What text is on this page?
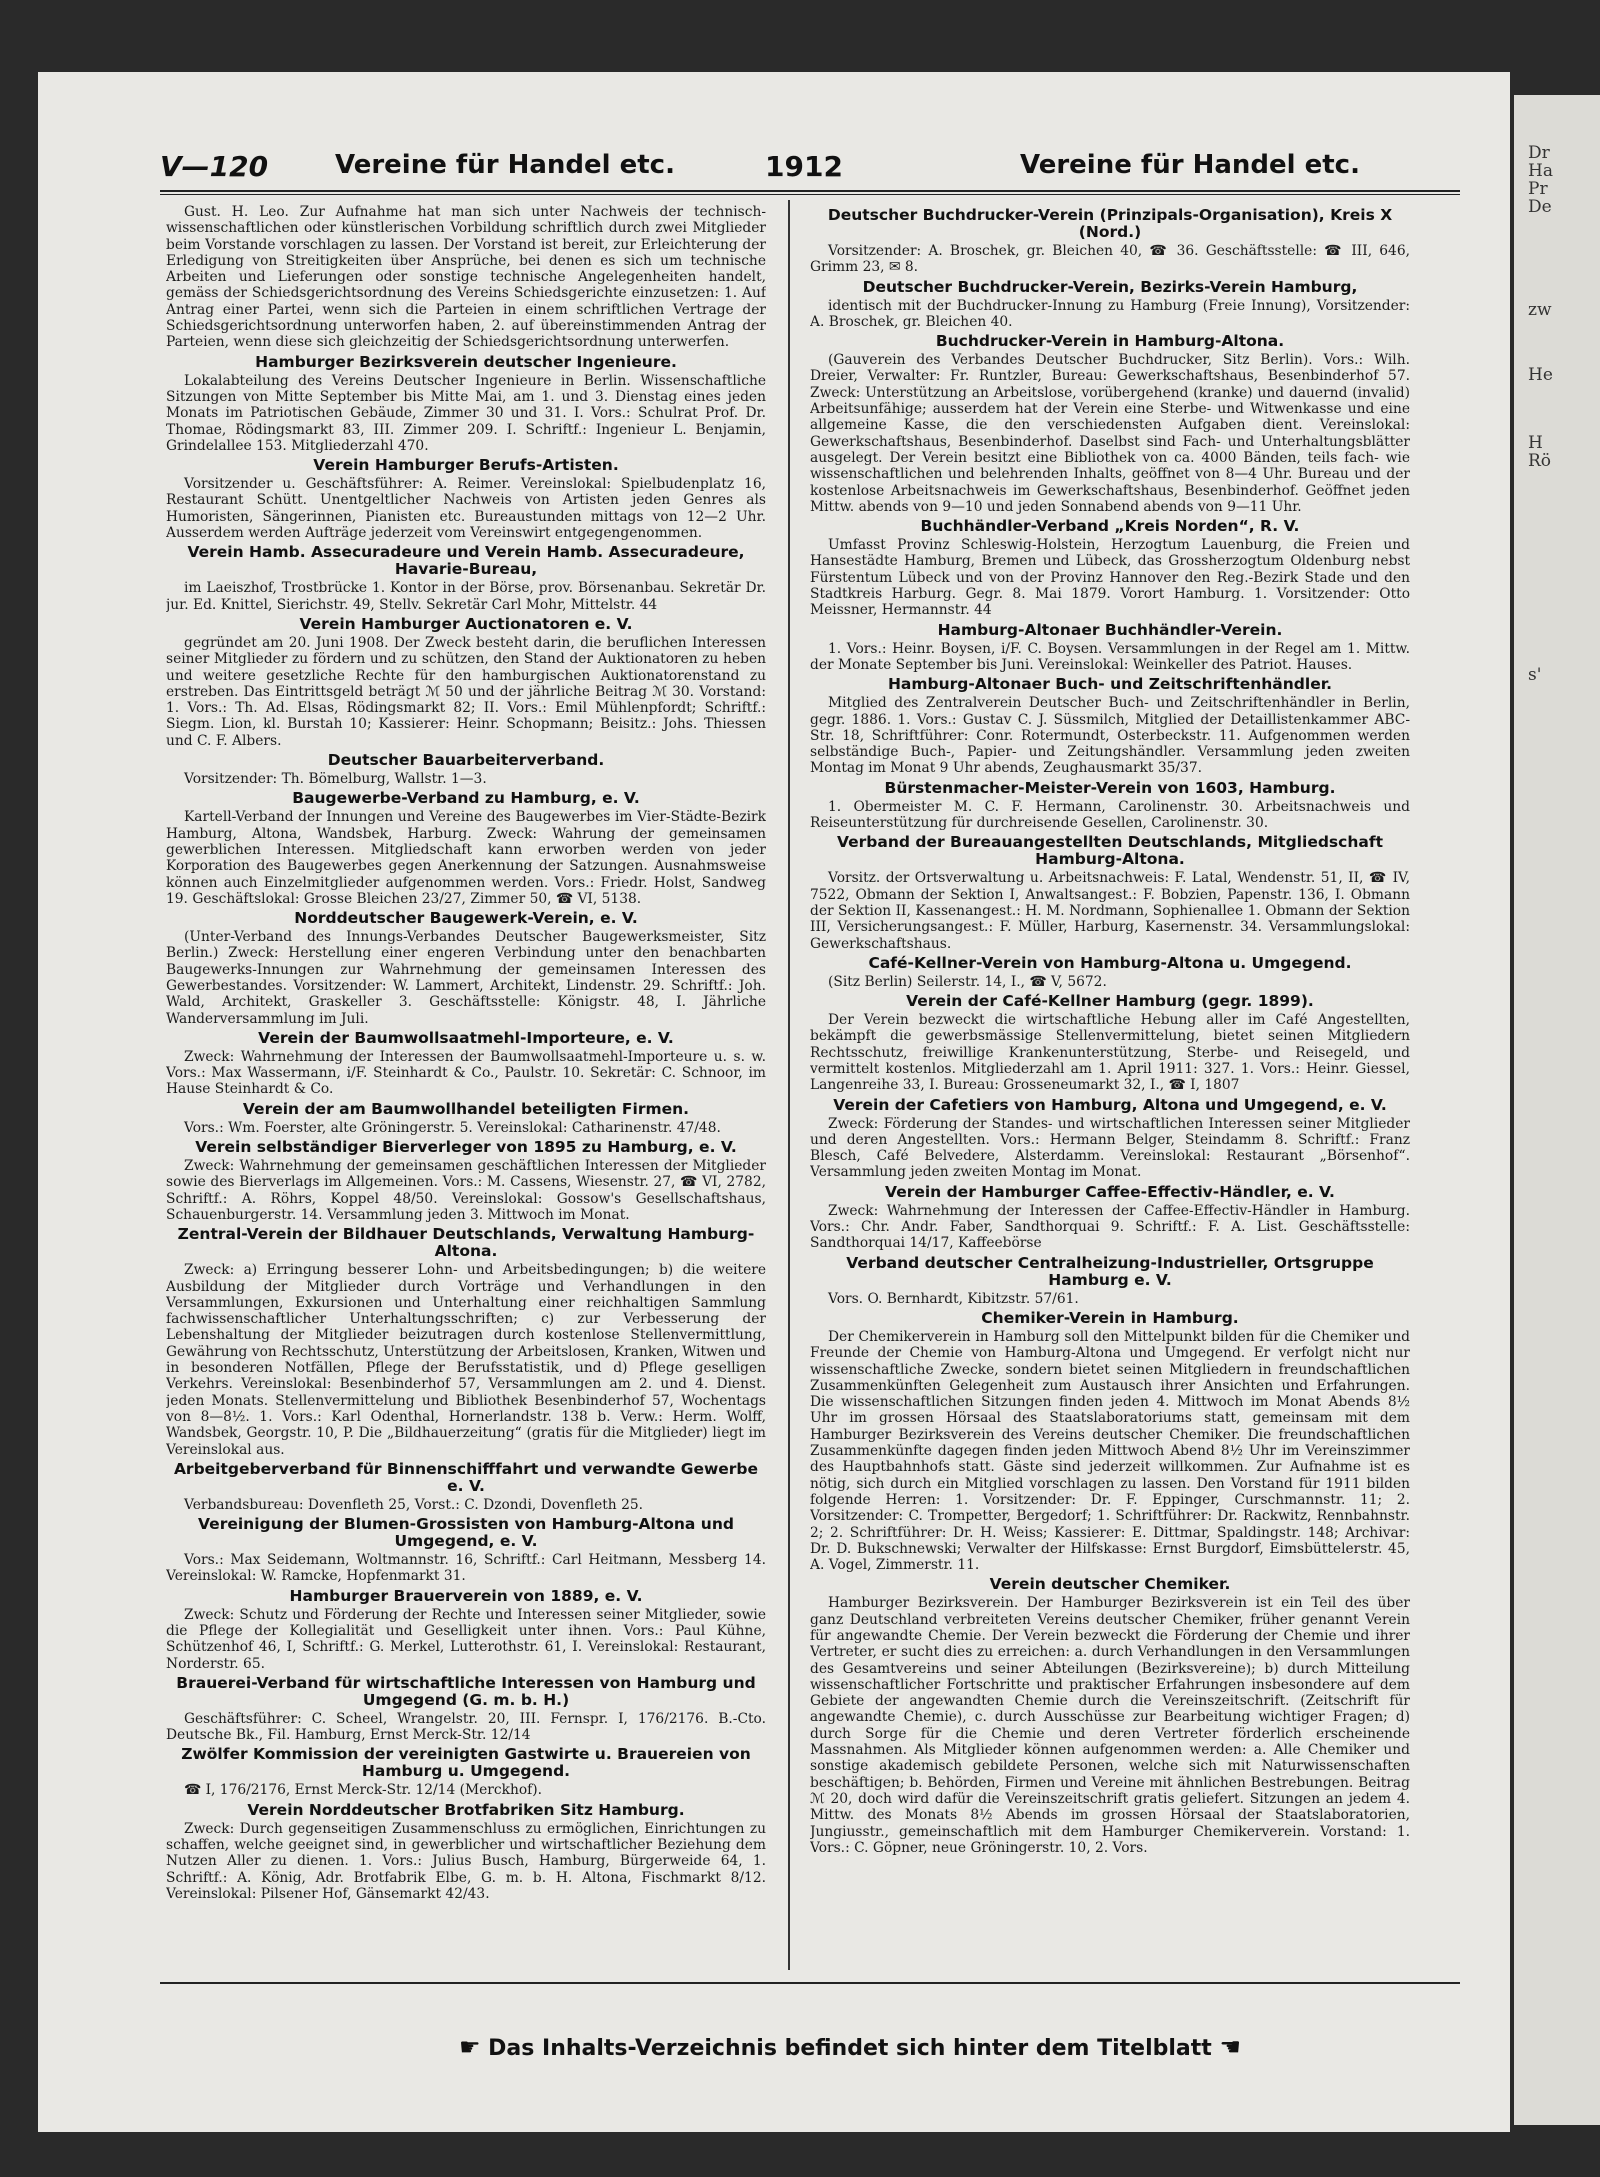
Dr
Ha
Pr
De
zw
He
H
Rö
s'
V—120	Vereine für Handel etc.	1912	Vereine für Handel etc.

Gust. H. Leo. Zur Aufnahme hat man sich unter Nachweis der technisch-wissenschaftlichen oder künstlerischen Vorbildung schriftlich durch zwei Mitglieder beim Vorstande vorschlagen zu lassen. Der Vorstand ist bereit, zur Erleichterung der Erledigung von Streitigkeiten über Ansprüche, bei denen es sich um technische Arbeiten und Lieferungen oder sonstige technische Angelegenheiten handelt, gemäss der Schiedsgerichtsordnung des Vereins Schiedsgerichte einzusetzen: 1. Auf Antrag einer Partei, wenn sich die Parteien in einem schriftlichen Vertrage der Schiedsgerichtsordnung unterworfen haben, 2. auf übereinstimmenden Antrag der Parteien, wenn diese sich gleichzeitig der Schiedsgerichtsordnung unterwerfen.

Hamburger Bezirksverein deutscher Ingenieure.

Lokalabteilung des Vereins Deutscher Ingenieure in Berlin. Wissenschaftliche Sitzungen von Mitte September bis Mitte Mai, am 1. und 3. Dienstag eines jeden Monats im Patriotischen Gebäude, Zimmer 30 und 31. I. Vors.: Schulrat Prof. Dr. Thomae, Rödingsmarkt 83, III. Zimmer 209. I. Schriftf.: Ingenieur L. Benjamin, Grindelallee 153. Mitgliederzahl 470.

Verein Hamburger Berufs-Artisten.

Vorsitzender u. Geschäftsführer: A. Reimer. Vereinslokal: Spielbudenplatz 16, Restaurant Schütt. Unentgeltlicher Nachweis von Artisten jeden Genres als Humoristen, Sängerinnen, Pianisten etc. Bureaustunden mittags von 12—2 Uhr. Ausserdem werden Aufträge jederzeit vom Vereinswirt entgegengenommen.

Verein Hamb. Assecuradeure und Verein Hamb. Assecuradeure, Havarie-Bureau,

im Laeiszhof, Trostbrücke 1. Kontor in der Börse, prov. Börsenanbau. Sekretär Dr. jur. Ed. Knittel, Sierichstr. 49, Stellv. Sekretär Carl Mohr, Mittelstr. 44

Verein Hamburger Auctionatoren e. V.

gegründet am 20. Juni 1908. Der Zweck besteht darin, die beruflichen Interessen seiner Mitglieder zu fördern und zu schützen, den Stand der Auktionatoren zu heben und weitere gesetzliche Rechte für den hamburgischen Auktionatorenstand zu erstreben. Das Eintrittsgeld beträgt ℳ 50 und der jährliche Beitrag ℳ 30. Vorstand: 1. Vors.: Th. Ad. Elsas, Rödingsmarkt 82; II. Vors.: Emil Mühlenpfordt; Schriftf.: Siegm. Lion, kl. Burstah 10; Kassierer: Heinr. Schopmann; Beisitz.: Johs. Thiessen und C. F. Albers.

Deutscher Bauarbeiterverband.

Vorsitzender: Th. Bömelburg, Wallstr. 1—3.

Baugewerbe-Verband zu Hamburg, e. V.

Kartell-Verband der Innungen und Vereine des Baugewerbes im Vier-Städte-Bezirk Hamburg, Altona, Wandsbek, Harburg. Zweck: Wahrung der gemeinsamen gewerblichen Interessen. Mitgliedschaft kann erworben werden von jeder Korporation des Baugewerbes gegen Anerkennung der Satzungen. Ausnahmsweise können auch Einzelmitglieder aufgenommen werden. Vors.: Friedr. Holst, Sandweg 19. Geschäftslokal: Grosse Bleichen 23/27, Zimmer 50, ☎ VI, 5138.

Norddeutscher Baugewerk-Verein, e. V.

(Unter-Verband des Innungs-Verbandes Deutscher Baugewerksmeister, Sitz Berlin.) Zweck: Herstellung einer engeren Verbindung unter den benachbarten Baugewerks-Innungen zur Wahrnehmung der gemeinsamen Interessen des Gewerbestandes. Vorsitzender: W. Lammert, Architekt, Lindenstr. 29. Schriftf.: Joh. Wald, Architekt, Graskeller 3. Geschäftsstelle: Königstr. 48, I. Jährliche Wanderversammlung im Juli.

Verein der Baumwollsaatmehl-Importeure, e. V.

Zweck: Wahrnehmung der Interessen der Baumwollsaatmehl-Importeure u. s. w. Vors.: Max Wassermann, i/F. Steinhardt & Co., Paulstr. 10. Sekretär: C. Schnoor, im Hause Steinhardt & Co.

Verein der am Baumwollhandel beteiligten Firmen.

Vors.: Wm. Foerster, alte Gröningerstr. 5. Vereinslokal: Catharinenstr. 47/48.

Verein selbständiger Bierverleger von 1895 zu Hamburg, e. V.

Zweck: Wahrnehmung der gemeinsamen geschäftlichen Interessen der Mitglieder sowie des Bierverlags im Allgemeinen. Vors.: M. Cassens, Wiesenstr. 27, ☎ VI, 2782, Schriftf.: A. Röhrs, Koppel 48/50. Vereinslokal: Gossow's Gesellschaftshaus, Schauenburgerstr. 14. Versammlung jeden 3. Mittwoch im Monat.

Zentral-Verein der Bildhauer Deutschlands, Verwaltung Hamburg-Altona.

Zweck: a) Erringung besserer Lohn- und Arbeitsbedingungen; b) die weitere Ausbildung der Mitglieder durch Vorträge und Verhandlungen in den Versammlungen, Exkursionen und Unterhaltung einer reichhaltigen Sammlung fachwissenschaftlicher Unterhaltungsschriften; c) zur Verbesserung der Lebenshaltung der Mitglieder beizutragen durch kostenlose Stellenvermittlung, Gewährung von Rechtsschutz, Unterstützung der Arbeitslosen, Kranken, Witwen und in besonderen Notfällen, Pflege der Berufsstatistik, und d) Pflege geselligen Verkehrs. Vereinslokal: Besenbinderhof 57, Versammlungen am 2. und 4. Dienst. jeden Monats. Stellenvermittelung und Bibliothek Besenbinderhof 57, Wochentags von 8—8½. 1. Vors.: Karl Odenthal, Hornerlandstr. 138 b. Verw.: Herm. Wolff, Wandsbek, Georgstr. 10, P. Die „Bildhauerzeitung“ (gratis für die Mitglieder) liegt im Vereinslokal aus.

Arbeitgeberverband für Binnenschifffahrt und verwandte Gewerbe e. V.

Verbandsbureau: Dovenfleth 25, Vorst.: C. Dzondi, Dovenfleth 25.

Vereinigung der Blumen-Grossisten von Hamburg-Altona und Umgegend, e. V.

Vors.: Max Seidemann, Woltmannstr. 16, Schriftf.: Carl Heitmann, Messberg 14. Vereinslokal: W. Ramcke, Hopfenmarkt 31.

Hamburger Brauerverein von 1889, e. V.

Zweck: Schutz und Förderung der Rechte und Interessen seiner Mitglieder, sowie die Pflege der Kollegialität und Geselligkeit unter ihnen. Vors.: Paul Kühne, Schützenhof 46, I, Schriftf.: G. Merkel, Lutterothstr. 61, I. Vereinslokal: Restaurant, Norderstr. 65.

Brauerei-Verband für wirtschaftliche Interessen von Hamburg und Umgegend (G. m. b. H.)

Geschäftsführer: C. Scheel, Wrangelstr. 20, III. Fernspr. I, 176/2176. B.-Cto. Deutsche Bk., Fil. Hamburg, Ernst Merck-Str. 12/14

Zwölfer Kommission der vereinigten Gastwirte u. Brauereien von Hamburg u. Umgegend.

☎ I, 176/2176, Ernst Merck-Str. 12/14 (Merckhof).

Verein Norddeutscher Brotfabriken Sitz Hamburg.

Zweck: Durch gegenseitigen Zusammenschluss zu ermöglichen, Einrichtungen zu schaffen, welche geeignet sind, in gewerblicher und wirtschaftlicher Beziehung dem Nutzen Aller zu dienen. 1. Vors.: Julius Busch, Hamburg, Bürgerweide 64, 1. Schriftf.: A. König, Adr. Brotfabrik Elbe, G. m. b. H. Altona, Fischmarkt 8/12. Vereinslokal: Pilsener Hof, Gänsemarkt 42/43.

Deutscher Buchdrucker-Verein (Prinzipals-Organisation), Kreis X (Nord.)

Vorsitzender: A. Broschek, gr. Bleichen 40, ☎ 36. Geschäftsstelle: ☎ III, 646, Grimm 23, ✉ 8.

Deutscher Buchdrucker-Verein, Bezirks-Verein Hamburg,

identisch mit der Buchdrucker-Innung zu Hamburg (Freie Innung), Vorsitzender: A. Broschek, gr. Bleichen 40.

Buchdrucker-Verein in Hamburg-Altona.

(Gauverein des Verbandes Deutscher Buchdrucker, Sitz Berlin). Vors.: Wilh. Dreier, Verwalter: Fr. Runtzler, Bureau: Gewerkschaftshaus, Besenbinderhof 57. Zweck: Unterstützung an Arbeitslose, vorübergehend (kranke) und dauernd (invalid) Arbeitsunfähige; ausserdem hat der Verein eine Sterbe- und Witwenkasse und eine allgemeine Kasse, die den verschiedensten Aufgaben dient. Vereinslokal: Gewerkschaftshaus, Besenbinderhof. Daselbst sind Fach- und Unterhaltungsblätter ausgelegt. Der Verein besitzt eine Bibliothek von ca. 4000 Bänden, teils fach- wie wissenschaftlichen und belehrenden Inhalts, geöffnet von 8—4 Uhr. Bureau und der kostenlose Arbeitsnachweis im Gewerkschaftshaus, Besenbinderhof. Geöffnet jeden Mittw. abends von 9—10 und jeden Sonnabend abends von 9—11 Uhr.

Buchhändler-Verband „Kreis Norden“, R. V.

Umfasst Provinz Schleswig-Holstein, Herzogtum Lauenburg, die Freien und Hansestädte Hamburg, Bremen und Lübeck, das Grossherzogtum Oldenburg nebst Fürstentum Lübeck und von der Provinz Hannover den Reg.-Bezirk Stade und den Stadtkreis Harburg. Gegr. 8. Mai 1879. Vorort Hamburg. 1. Vorsitzender: Otto Meissner, Hermannstr. 44

Hamburg-Altonaer Buchhändler-Verein.

1. Vors.: Heinr. Boysen, i/F. C. Boysen. Versammlungen in der Regel am 1. Mittw. der Monate September bis Juni. Vereinslokal: Weinkeller des Patriot. Hauses.

Hamburg-Altonaer Buch- und Zeitschriftenhändler.

Mitglied des Zentralverein Deutscher Buch- und Zeitschriftenhändler in Berlin, gegr. 1886. 1. Vors.: Gustav C. J. Süssmilch, Mitglied der Detaillistenkammer ABC-Str. 18, Schriftführer: Conr. Rotermundt, Osterbeckstr. 11. Aufgenommen werden selbständige Buch-, Papier- und Zeitungshändler. Versammlung jeden zweiten Montag im Monat 9 Uhr abends, Zeughausmarkt 35/37.

Bürstenmacher-Meister-Verein von 1603, Hamburg.

1. Obermeister M. C. F. Hermann, Carolinenstr. 30. Arbeitsnachweis und Reiseunterstützung für durchreisende Gesellen, Carolinenstr. 30.

Verband der Bureauangestellten Deutschlands, Mitgliedschaft Hamburg-Altona.

Vorsitz. der Ortsverwaltung u. Arbeitsnachweis: F. Latal, Wendenstr. 51, II, ☎ IV, 7522, Obmann der Sektion I, Anwaltsangest.: F. Bobzien, Papenstr. 136, I. Obmann der Sektion II, Kassenangest.: H. M. Nordmann, Sophienallee 1. Obmann der Sektion III, Versicherungsangest.: F. Müller, Harburg, Kasernenstr. 34. Versammlungslokal: Gewerkschaftshaus.

Café-Kellner-Verein von Hamburg-Altona u. Umgegend.

(Sitz Berlin) Seilerstr. 14, I., ☎ V, 5672.

Verein der Café-Kellner Hamburg (gegr. 1899).

Der Verein bezweckt die wirtschaftliche Hebung aller im Café Angestellten, bekämpft die gewerbsmässige Stellenvermittelung, bietet seinen Mitgliedern Rechtsschutz, freiwillige Krankenunterstützung, Sterbe- und Reisegeld, und vermittelt kostenlos. Mitgliederzahl am 1. April 1911: 327. 1. Vors.: Heinr. Giessel, Langenreihe 33, I. Bureau: Grosseneumarkt 32, I., ☎ I, 1807

Verein der Cafetiers von Hamburg, Altona und Umgegend, e. V.

Zweck: Förderung der Standes- und wirtschaftlichen Interessen seiner Mitglieder und deren Angestellten. Vors.: Hermann Belger, Steindamm 8. Schriftf.: Franz Blesch, Café Belvedere, Alsterdamm. Vereinslokal: Restaurant „Börsenhof“. Versammlung jeden zweiten Montag im Monat.

Verein der Hamburger Caffee-Effectiv-Händler, e. V.

Zweck: Wahrnehmung der Interessen der Caffee-Effectiv-Händler in Hamburg. Vors.: Chr. Andr. Faber, Sandthorquai 9. Schriftf.: F. A. List. Geschäftsstelle: Sandthorquai 14/17, Kaffeebörse

Verband deutscher Centralheizung-Industrieller, Ortsgruppe Hamburg e. V.

Vors. O. Bernhardt, Kibitzstr. 57/61.

Chemiker-Verein in Hamburg.

Der Chemikerverein in Hamburg soll den Mittelpunkt bilden für die Chemiker und Freunde der Chemie von Hamburg-Altona und Umgegend. Er verfolgt nicht nur wissenschaftliche Zwecke, sondern bietet seinen Mitgliedern in freundschaftlichen Zusammenkünften Gelegenheit zum Austausch ihrer Ansichten und Erfahrungen. Die wissenschaftlichen Sitzungen finden jeden 4. Mittwoch im Monat Abends 8½ Uhr im grossen Hörsaal des Staatslaboratoriums statt, gemeinsam mit dem Hamburger Bezirksverein des Vereins deutscher Chemiker. Die freundschaftlichen Zusammenkünfte dagegen finden jeden Mittwoch Abend 8½ Uhr im Vereinszimmer des Hauptbahnhofs statt. Gäste sind jederzeit willkommen. Zur Aufnahme ist es nötig, sich durch ein Mitglied vorschlagen zu lassen. Den Vorstand für 1911 bilden folgende Herren: 1. Vorsitzender: Dr. F. Eppinger, Curschmannstr. 11; 2. Vorsitzender: C. Trompetter, Bergedorf; 1. Schriftführer: Dr. Rackwitz, Rennbahnstr. 2; 2. Schriftführer: Dr. H. Weiss; Kassierer: E. Dittmar, Spaldingstr. 148; Archivar: Dr. D. Bukschnewski; Verwalter der Hilfskasse: Ernst Burgdorf, Eimsbüttelerstr. 45, A. Vogel, Zimmerstr. 11.

Verein deutscher Chemiker.

Hamburger Bezirksverein. Der Hamburger Bezirksverein ist ein Teil des über ganz Deutschland verbreiteten Vereins deutscher Chemiker, früher genannt Verein für angewandte Chemie. Der Verein bezweckt die Förderung der Chemie und ihrer Vertreter, er sucht dies zu erreichen: a. durch Verhandlungen in den Versammlungen des Gesamtvereins und seiner Abteilungen (Bezirksvereine); b) durch Mitteilung wissenschaftlicher Fortschritte und praktischer Erfahrungen insbesondere auf dem Gebiete der angewandten Chemie durch die Vereinszeitschrift. (Zeitschrift für angewandte Chemie), c. durch Ausschüsse zur Bearbeitung wichtiger Fragen; d) durch Sorge für die Chemie und deren Vertreter förderlich erscheinende Massnahmen. Als Mitglieder können aufgenommen werden: a. Alle Chemiker und sonstige akademisch gebildete Personen, welche sich mit Naturwissenschaften beschäftigen; b. Behörden, Firmen und Vereine mit ähnlichen Bestrebungen. Beitrag ℳ 20, doch wird dafür die Vereinszeitschrift gratis geliefert. Sitzungen an jedem 4. Mittw. des Monats 8½ Abends im grossen Hörsaal der Staatslaboratorien, Jungiusstr., gemeinschaftlich mit dem Hamburger Chemikerverein. Vorstand: 1. Vors.: C. Göpner, neue Gröningerstr. 10, 2. Vors.

☛ Das Inhalts-Verzeichnis befindet sich hinter dem Titelblatt ☚
